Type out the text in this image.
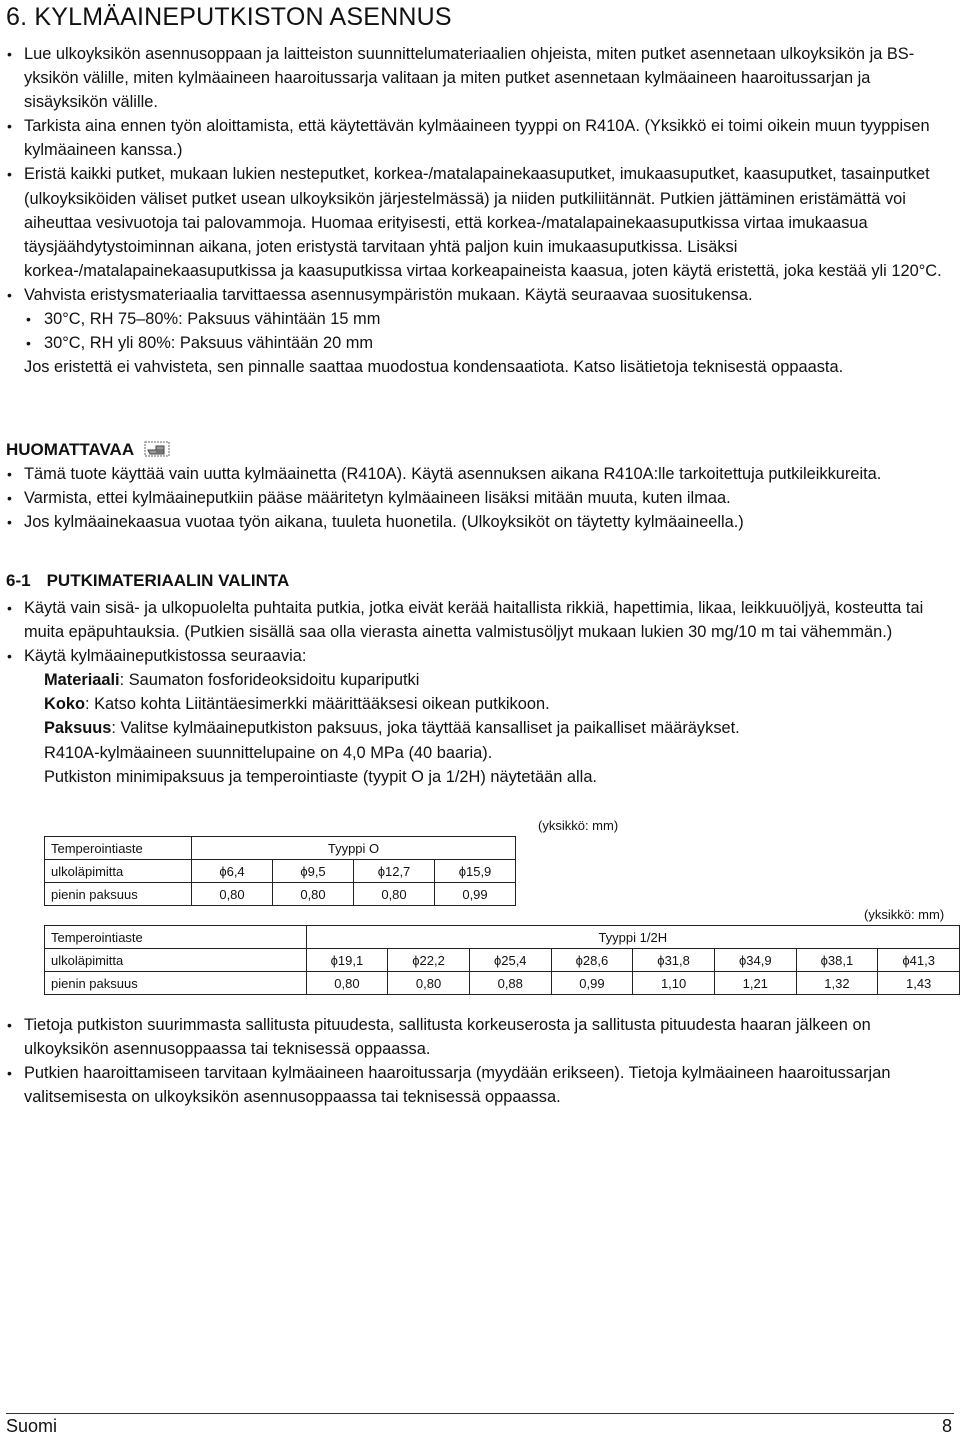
6. KYLMÄAINEPUTKISTON ASENNUS
• Lue ulkoyksikön asennusoppaan ja laitteiston suunnittelumateriaalien ohjeista, miten putket asennetaan ulkoyksikön ja BS-yksikön välille, miten kylmäaineen haaroitussarja valitaan ja miten putket asennetaan kylmäaineen haaroitussarjan ja sisäyksikön välille.
• Tarkista aina ennen työn aloittamista, että käytettävän kylmäaineen tyyppi on R410A. (Yksikkö ei toimi oikein muun tyyppisen kylmäaineen kanssa.)
• Eristä kaikki putket, mukaan lukien nesteputket, korkea-/matalapainekaasuputket, imukaasuputket, kaasuputket, tasainputket (ulkoyksiköiden väliset putket usean ulkoyksikön järjestelmässä) ja niiden putkiliitännät. Putkien jättäminen eristämättä voi aiheuttaa vesivuotoja tai palovammoja. Huomaa erityisesti, että korkea-/matalapainekaasuputkissa virtaa imukaasua täysjäähdytystoiminnan aikana, joten eristystä tarvitaan yhtä paljon kuin imukaasuputkissa. Lisäksi korkea-/matalapainekaasuputkissa ja kaasuputkissa virtaa korkeapaineista kaasua, joten käytä eristettä, joka kestää yli 120°C.
• Vahvista eristysmateriaalia tarvittaessa asennusympäristön mukaan. Käytä seuraavaa suositukensa.
• 30°C, RH 75–80%: Paksuus vähintään 15 mm
• 30°C, RH yli 80%: Paksuus vähintään 20 mm
Jos eristettä ei vahvisteta, sen pinnalle saattaa muodostua kondensaatiota. Katso lisätietoja teknisestä oppaasta.
HUOMATTAVAA
• Tämä tuote käyttää vain uutta kylmäainetta (R410A). Käytä asennuksen aikana R410A:lle tarkoitettuja putkileikkureita.
• Varmista, ettei kylmäaineputkiin pääse määritetyn kylmäaineen lisäksi mitään muuta, kuten ilmaa.
• Jos kylmäainekaasua vuotaa työn aikana, tuuleta huonetila. (Ulkoyksiköt on täytetty kylmäaineella.)
6-1 PUTKIMATERIAALIN VALINTA
• Käytä vain sisä- ja ulkopuolelta puhtaita putkia, jotka eivät kerää haitallista rikkiä, hapettimia, likaa, leikkuuöljyä, kosteutta tai muita epäpuhtauksia. (Putkien sisällä saa olla vierasta ainetta valmistusöljyt mukaan lukien 30 mg/10 m tai vähemmän.)
• Käytä kylmäaineputkistossa seuraavia:
Materiaali: Saumaton fosforideoksidoitu kupariputki
Koko: Katso kohta Liitäntäesimerkki määrittääksesi oikean putkikoon.
Paksuus: Valitse kylmäaineputkiston paksuus, joka täyttää kansalliset ja paikalliset määräykset.
R410A-kylmäaineen suunnittelupaine on 4,0 MPa (40 baaria).
Putkiston minimipaksuus ja temperointiaste (tyypit O ja 1/2H) näytetään alla.
(yksikkö: mm)
Temperointiaste	Tyyppi O			
ulkoläpimitta	ϕ6,4	ϕ9,5	ϕ12,7	ϕ15,9
pienin paksuus	0,80	0,80	0,80	0,99
(yksikkö: mm)
Temperointiaste	Tyyppi 1/2H							
ulkoläpimitta	ϕ19,1	ϕ22,2	ϕ25,4	ϕ28,6	ϕ31,8	ϕ34,9	ϕ38,1	ϕ41,3
pienin paksuus	0,80	0,80	0,88	0,99	1,10	1,21	1,32	1,43
• Tietoja putkiston suurimmasta sallitusta pituudesta, sallitusta korkeuserosta ja sallitusta pituudesta haaran jälkeen on ulkoyksikön asennusoppaassa tai teknisessä oppaassa.
• Putkien haaroittamiseen tarvitaan kylmäaineen haaroitussarja (myydään erikseen). Tietoja kylmäaineen haaroitussarjan valitsemisesta on ulkoyksikön asennusoppaassa tai teknisessä oppaassa.
Suomi	8
